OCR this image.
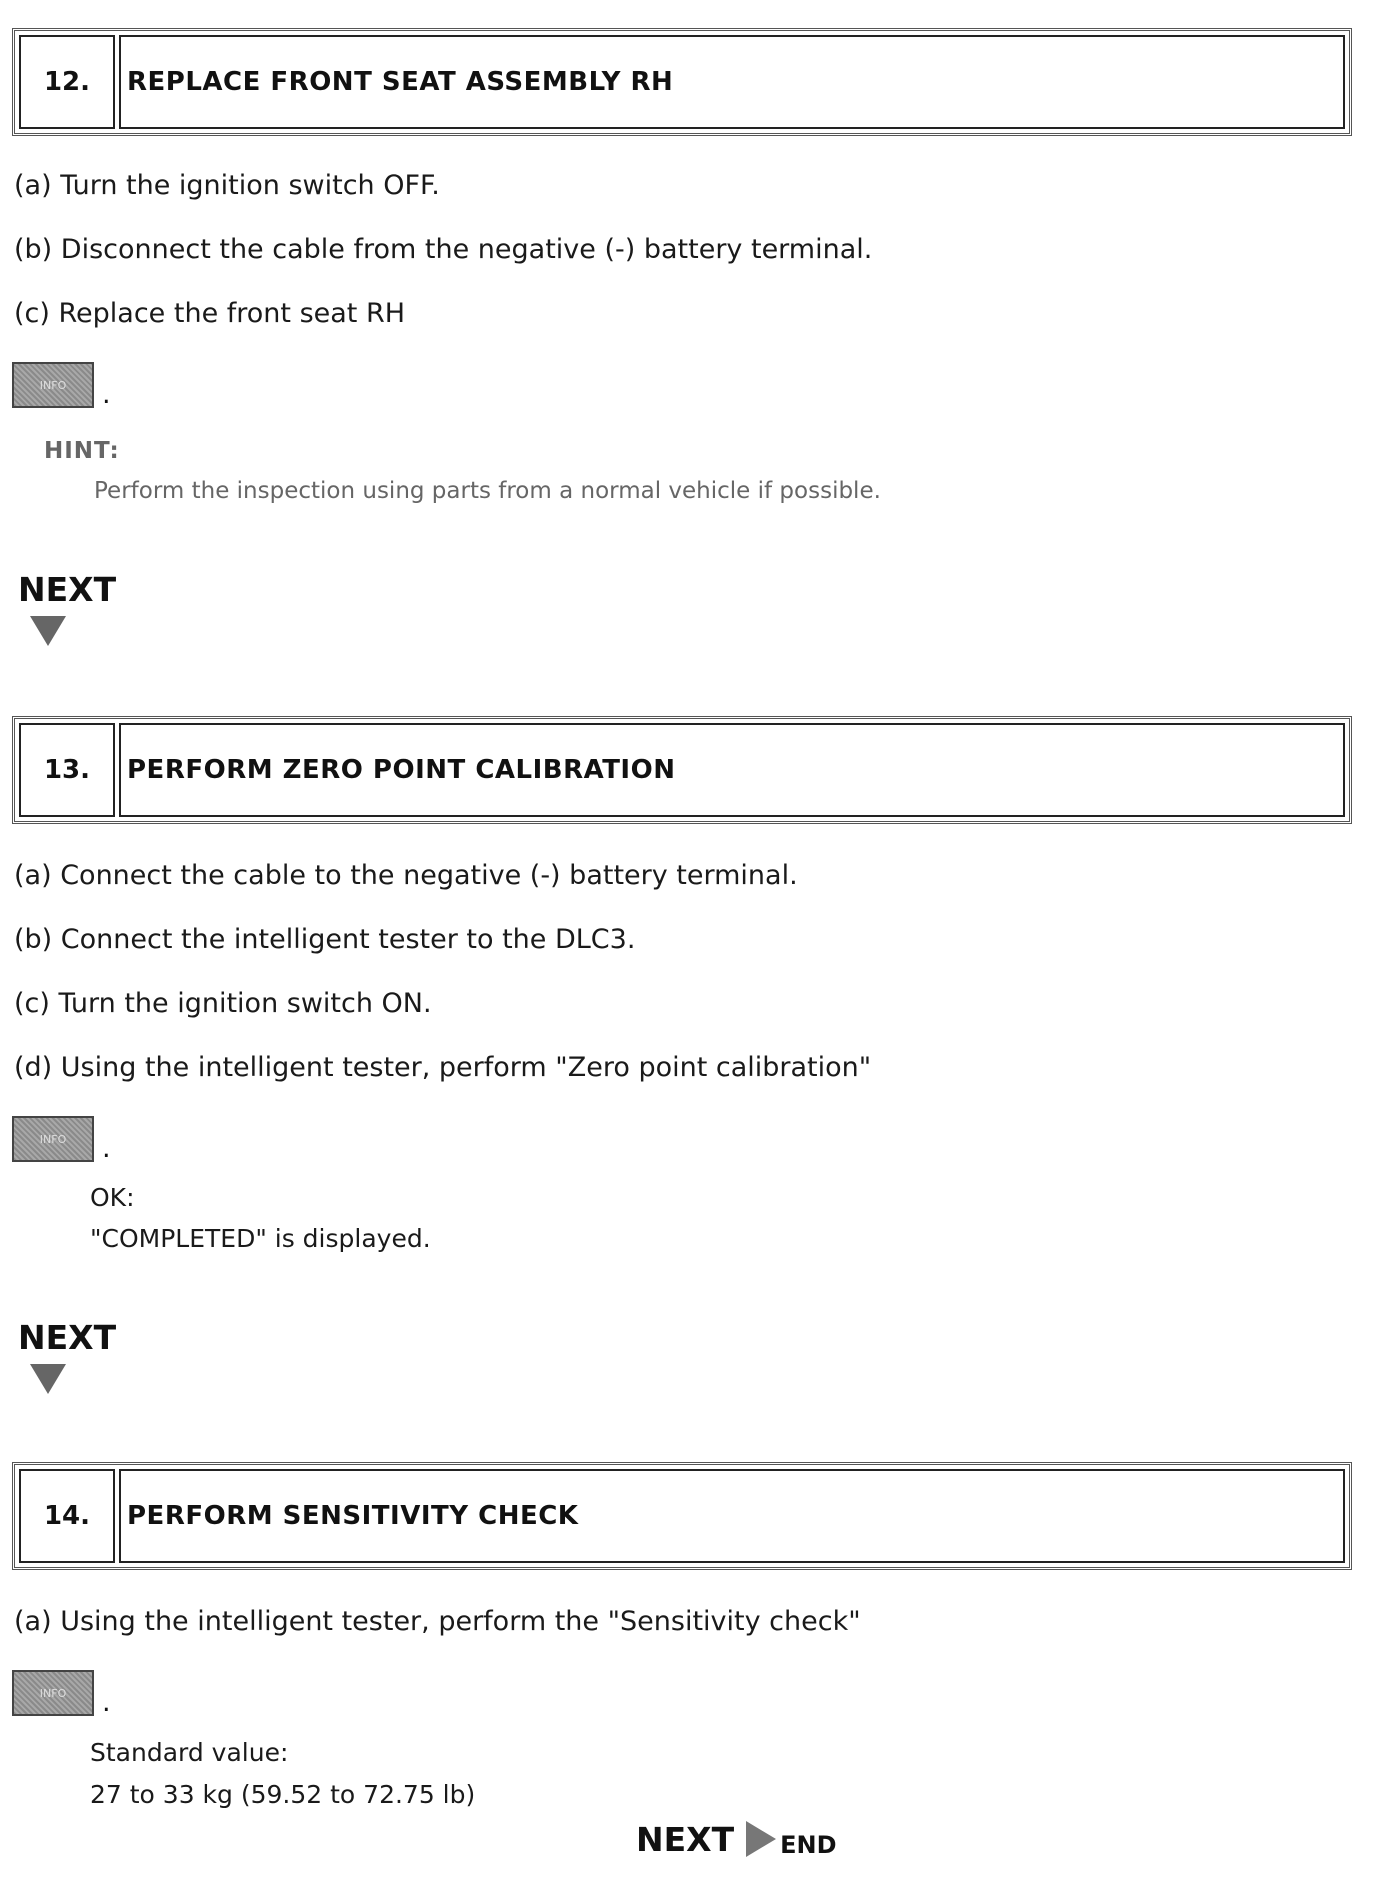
12.	REPLACE FRONT SEAT ASSEMBLY RH
(a) Turn the ignition switch OFF.
(b) Disconnect the cable from the negative (-) battery terminal.
(c) Replace the front seat RH
INFO	.
HINT:
Perform the inspection using parts from a normal vehicle if possible.
NEXT
13.	PERFORM ZERO POINT CALIBRATION
(a) Connect the cable to the negative (-) battery terminal.
(b) Connect the intelligent tester to the DLC3.
(c) Turn the ignition switch ON.
(d) Using the intelligent tester, perform "Zero point calibration"
INFO	.
OK:
"COMPLETED" is displayed.
NEXT
14.	PERFORM SENSITIVITY CHECK
(a) Using the intelligent tester, perform the "Sensitivity check"
INFO	.
Standard value:
27 to 33 kg (59.52 to 72.75 lb)
NEXT END
